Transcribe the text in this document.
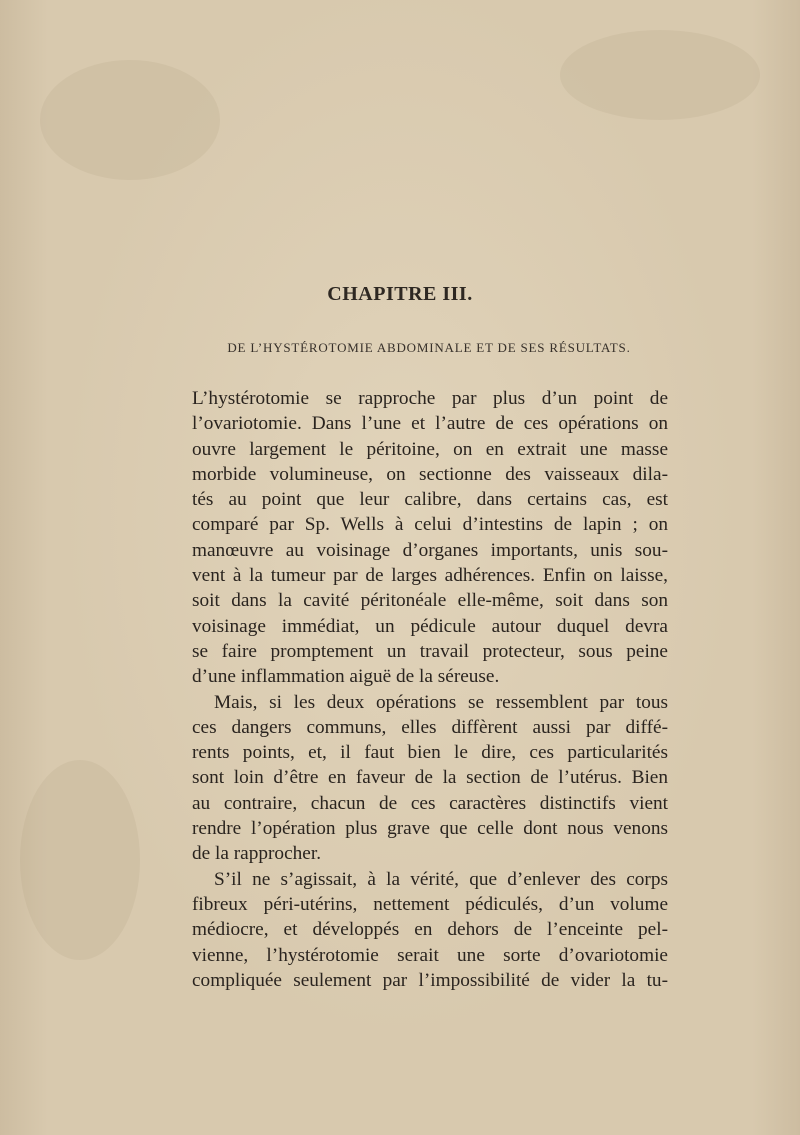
CHAPITRE III.
DE L’HYSTÉROTOMIE ABDOMINALE ET DE SES RÉSULTATS.

L’hystérotomie se rapproche par plus d’un point de
l’ovariotomie. Dans l’une et l’autre de ces opérations on
ouvre largement le péritoine, on en extrait une masse
morbide volumineuse, on sectionne des vaisseaux dila-
tés au point que leur calibre, dans certains cas, est
comparé par Sp. Wells à celui d’intestins de lapin ; on
manœuvre au voisinage d’organes importants, unis sou-
vent à la tumeur par de larges adhérences. Enfin on laisse,
soit dans la cavité péritonéale elle-même, soit dans son
voisinage immédiat, un pédicule autour duquel devra
se faire promptement un travail protecteur, sous peine
d’une inflammation aiguë de la séreuse.

Mais, si les deux opérations se ressemblent par tous
ces dangers communs, elles diffèrent aussi par diffé-
rents points, et, il faut bien le dire, ces particularités
sont loin d’être en faveur de la section de l’utérus. Bien
au contraire, chacun de ces caractères distinctifs vient
rendre l’opération plus grave que celle dont nous venons
de la rapprocher.

S’il ne s’agissait, à la vérité, que d’enlever des corps
fibreux péri-utérins, nettement pédiculés, d’un volume
médiocre, et développés en dehors de l’enceinte pel-
vienne, l’hystérotomie serait une sorte d’ovariotomie
compliquée seulement par l’impossibilité de vider la tu-
